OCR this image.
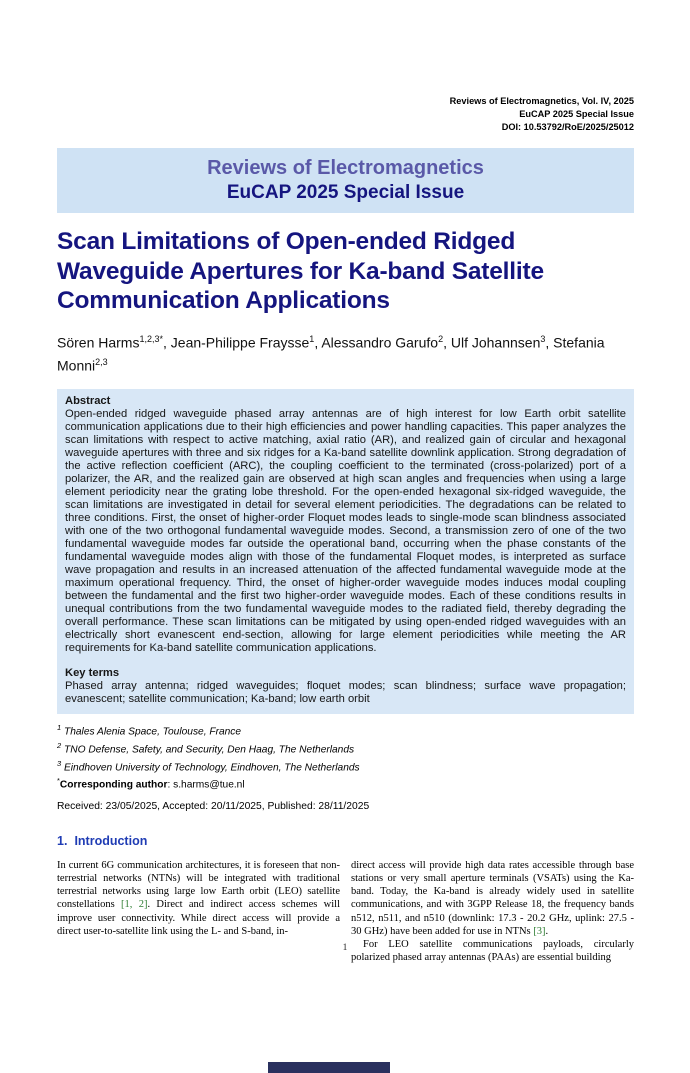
Reviews of Electromagnetics, Vol. IV, 2025
EuCAP 2025 Special Issue
DOI: 10.53792/RoE/2025/25012
Reviews of Electromagnetics
EuCAP 2025 Special Issue
Scan Limitations of Open-ended Ridged Waveguide Apertures for Ka-band Satellite Communication Applications
Sören Harms$^{1,2,3*}$, Jean-Philippe Fraysse$^1$, Alessandro Garufo$^2$, Ulf Johannsen$^3$, Stefania Monni$^{2,3}$
Abstract
Open-ended ridged waveguide phased array antennas are of high interest for low Earth orbit satellite communication applications due to their high efficiencies and power handling capacities. This paper analyzes the scan limitations with respect to active matching, axial ratio (AR), and realized gain of circular and hexagonal waveguide apertures with three and six ridges for a Ka-band satellite downlink application. Strong degradation of the active reflection coefficient (ARC), the coupling coefficient to the terminated (cross-polarized) port of a polarizer, the AR, and the realized gain are observed at high scan angles and frequencies when using a large element periodicity near the grating lobe threshold. For the open-ended hexagonal six-ridged waveguide, the scan limitations are investigated in detail for several element periodicities. The degradations can be related to three conditions. First, the onset of higher-order Floquet modes leads to single-mode scan blindness associated with one of the two orthogonal fundamental waveguide modes. Second, a transmission zero of one of the two fundamental waveguide modes far outside the operational band, occurring when the phase constants of the fundamental waveguide modes align with those of the fundamental Floquet modes, is interpreted as surface wave propagation and results in an increased attenuation of the affected fundamental waveguide mode at the maximum operational frequency. Third, the onset of higher-order waveguide modes induces modal coupling between the fundamental and the first two higher-order waveguide modes. Each of these conditions results in unequal contributions from the two fundamental waveguide modes to the radiated field, thereby degrading the overall performance. These scan limitations can be mitigated by using open-ended ridged waveguides with an electrically short evanescent end-section, allowing for large element periodicities while meeting the AR requirements for Ka-band satellite communication applications.
Key terms
Phased array antenna; ridged waveguides; floquet modes; scan blindness; surface wave propagation; evanescent; satellite communication; Ka-band; low earth orbit
$^1$ Thales Alenia Space, Toulouse, France
$^2$ TNO Defense, Safety, and Security, Den Haag, The Netherlands
$^3$ Eindhoven University of Technology, Eindhoven, The Netherlands
*Corresponding author: s.harms@tue.nl
Received: 23/05/2025, Accepted: 20/11/2025, Published: 28/11/2025
1. Introduction

In current 6G communication architectures, it is foreseen that non-terrestrial networks (NTNs) will be integrated with traditional terrestrial networks using large low Earth orbit (LEO) satellite constellations [1, 2]. Direct and indirect access schemes will improve user connectivity. While direct access will provide a direct user-to-satellite link using the L- and S-band, in-

direct access will provide high data rates accessible through base stations or very small aperture terminals (VSATs) using the Ka-band. Today, the Ka-band is already widely used in satellite communications, and with 3GPP Release 18, the frequency bands n512, n511, and n510 (downlink: 17.3 - 20.2 GHz, uplink: 27.5 - 30 GHz) have been added for use in NTNs [3].

For LEO satellite communications payloads, circularly polarized phased array antennas (PAAs) are essential building

1
